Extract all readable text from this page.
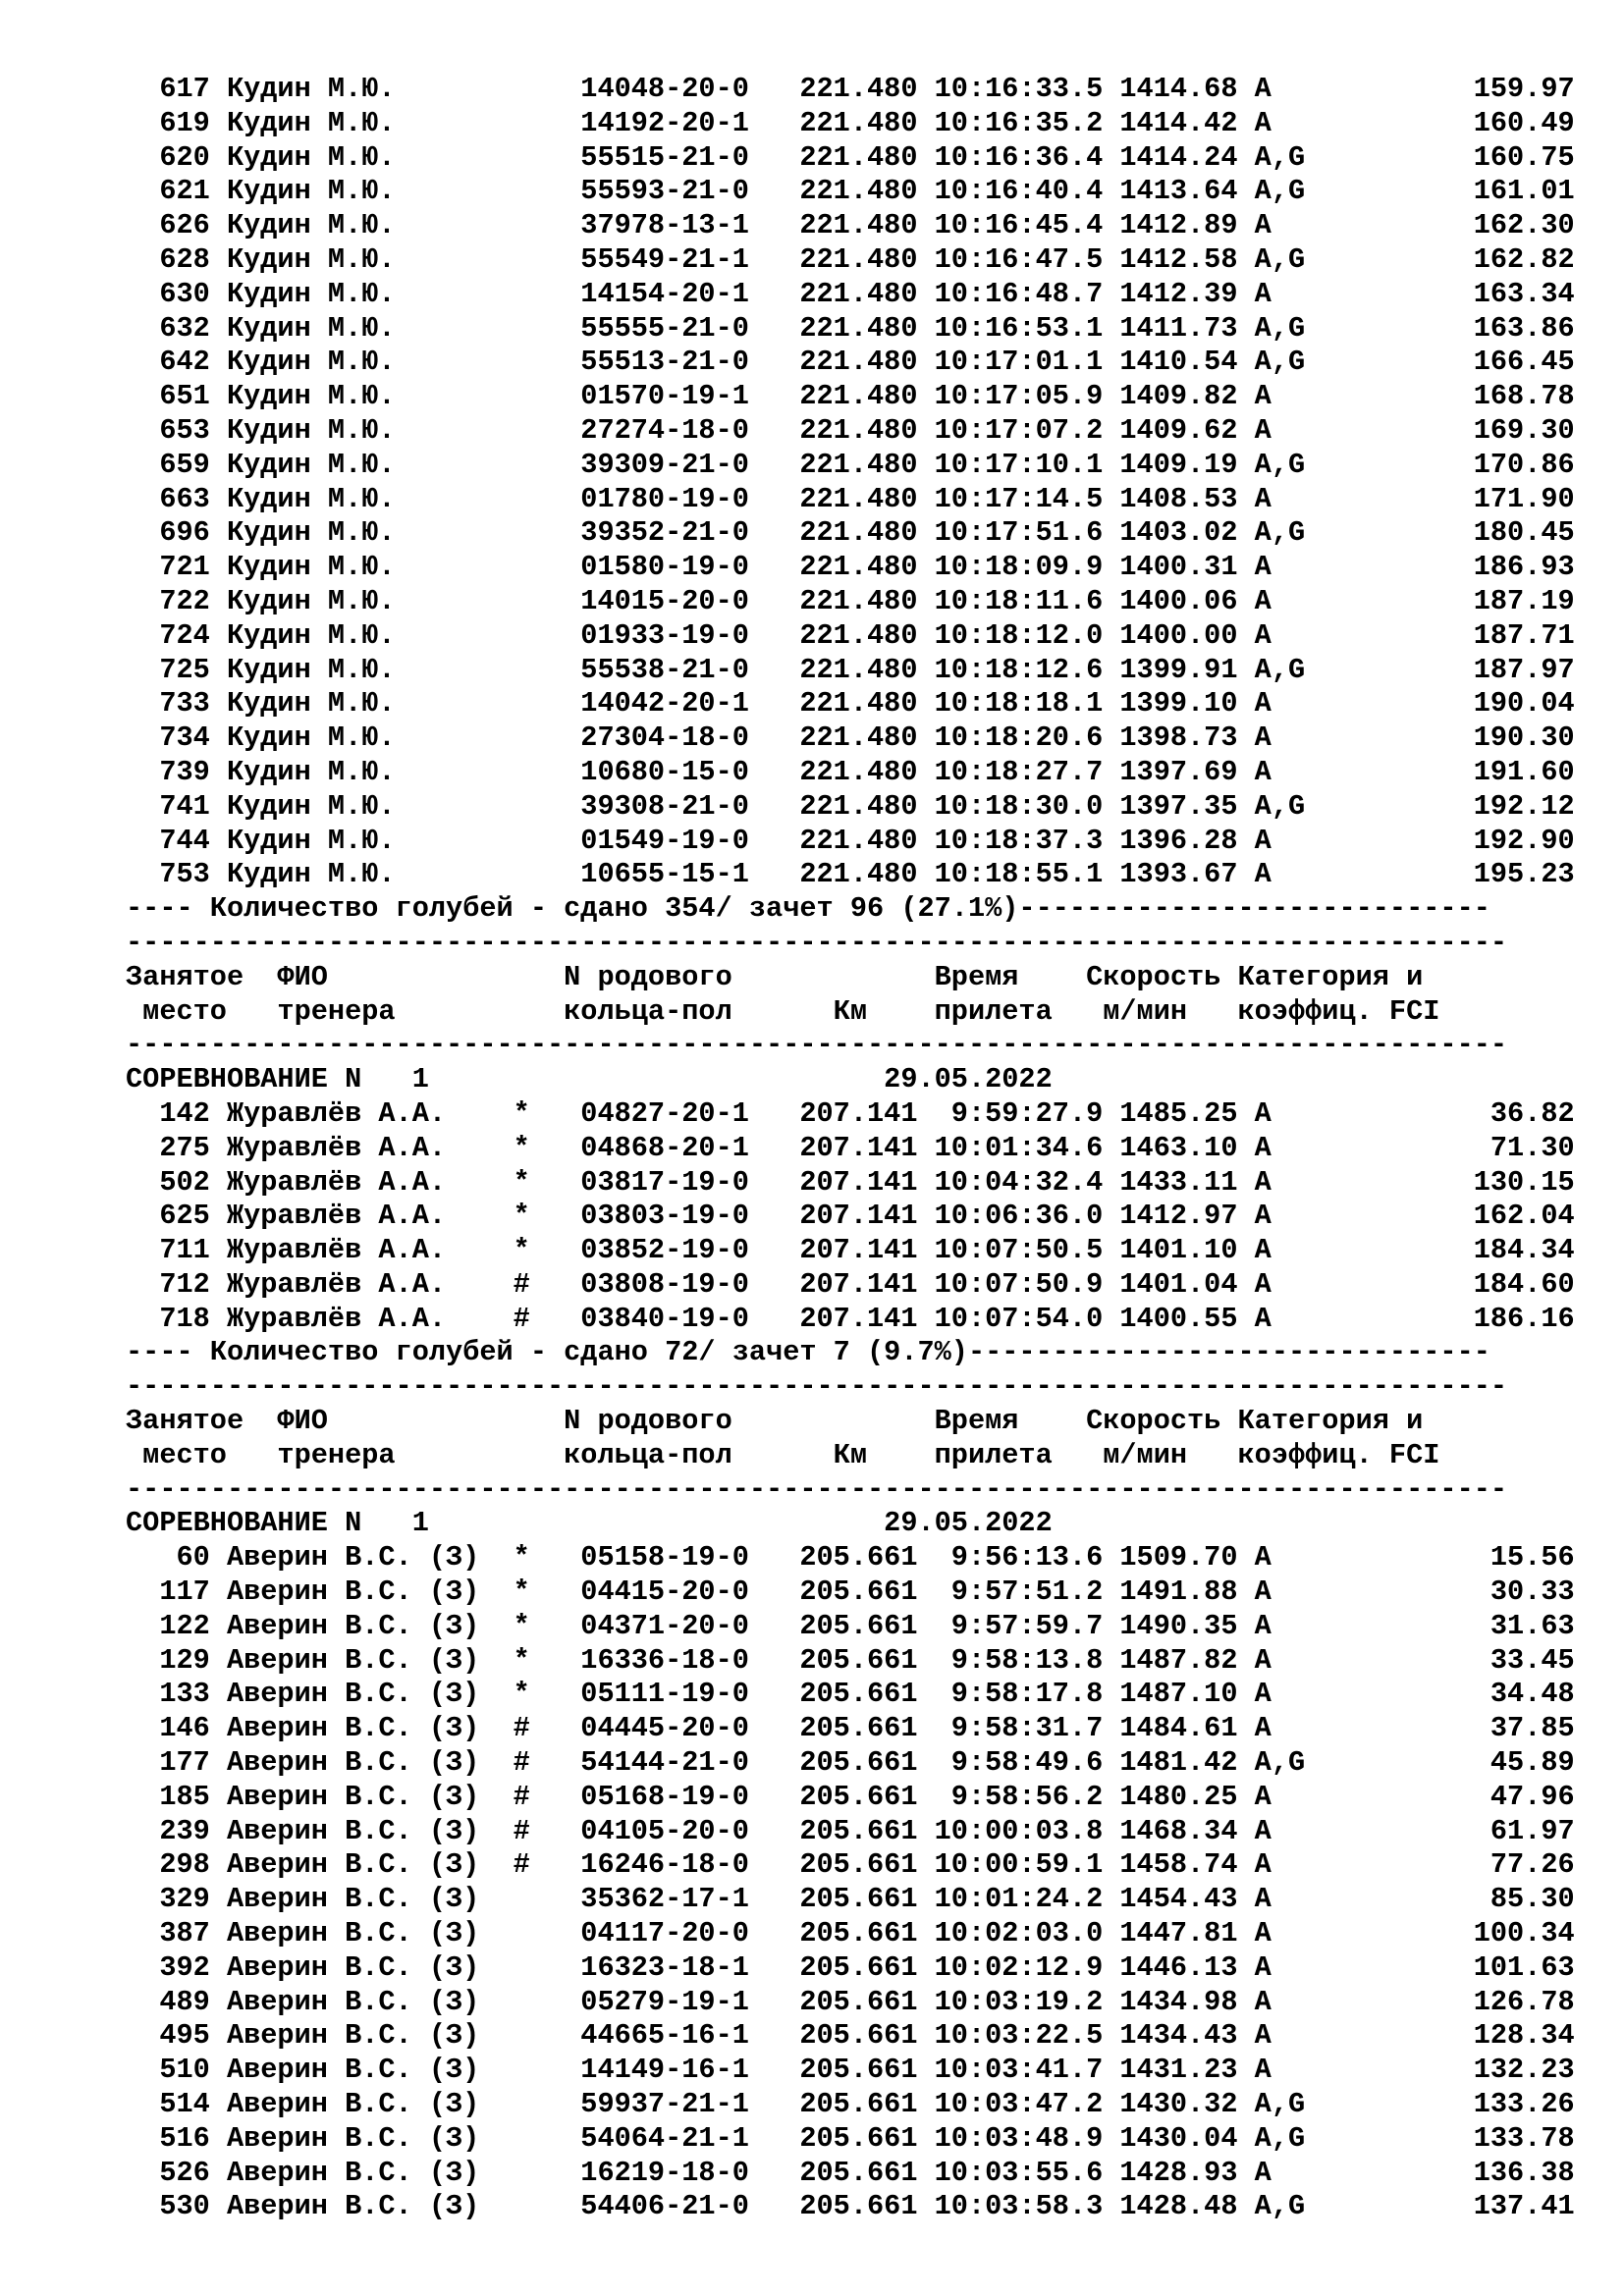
617 Кудин М.Ю.           14048-20-0   221.480 10:16:33.5 1414.68 A            159.97
619 Кудин М.Ю.           14192-20-1   221.480 10:16:35.2 1414.42 A            160.49
620 Кудин М.Ю.           55515-21-0   221.480 10:16:36.4 1414.24 A,G          160.75
621 Кудин М.Ю.           55593-21-0   221.480 10:16:40.4 1413.64 A,G          161.01
626 Кудин М.Ю.           37978-13-1   221.480 10:16:45.4 1412.89 A            162.30
628 Кудин М.Ю.           55549-21-1   221.480 10:16:47.5 1412.58 A,G          162.82
630 Кудин М.Ю.           14154-20-1   221.480 10:16:48.7 1412.39 A            163.34
632 Кудин М.Ю.           55555-21-0   221.480 10:16:53.1 1411.73 A,G          163.86
642 Кудин М.Ю.           55513-21-0   221.480 10:17:01.1 1410.54 A,G          166.45
651 Кудин М.Ю.           01570-19-1   221.480 10:17:05.9 1409.82 A            168.78
653 Кудин М.Ю.           27274-18-0   221.480 10:17:07.2 1409.62 A            169.30
659 Кудин М.Ю.           39309-21-0   221.480 10:17:10.1 1409.19 A,G          170.86
663 Кудин М.Ю.           01780-19-0   221.480 10:17:14.5 1408.53 A            171.90
696 Кудин М.Ю.           39352-21-0   221.480 10:17:51.6 1403.02 A,G          180.45
721 Кудин М.Ю.           01580-19-0   221.480 10:18:09.9 1400.31 A            186.93
722 Кудин М.Ю.           14015-20-0   221.480 10:18:11.6 1400.06 A            187.19
724 Кудин М.Ю.           01933-19-0   221.480 10:18:12.0 1400.00 A            187.71
725 Кудин М.Ю.           55538-21-0   221.480 10:18:12.6 1399.91 A,G          187.97
733 Кудин М.Ю.           14042-20-1   221.480 10:18:18.1 1399.10 A            190.04
734 Кудин М.Ю.           27304-18-0   221.480 10:18:20.6 1398.73 A            190.30
739 Кудин М.Ю.           10680-15-0   221.480 10:18:27.7 1397.69 A            191.60
741 Кудин М.Ю.           39308-21-0   221.480 10:18:30.0 1397.35 A,G          192.12
744 Кудин М.Ю.           01549-19-0   221.480 10:18:37.3 1396.28 A            192.90
753 Кудин М.Ю.           10655-15-1   221.480 10:18:55.1 1393.67 A            195.23
---- Количество голубей - сдано 354/ зачет 96 (27.1%)----------------------------
----------------------------------------------------------------------------------
Занятое  ФИО              N родового            Время    Скорость Категория и
место   тренера          кольца-пол      Км    прилета   м/мин   коэффиц. FCI
----------------------------------------------------------------------------------
СОРЕВНОВАНИЕ N   1                           29.05.2022
142 Журавлёв А.А.    *   04827-20-1   207.141  9:59:27.9 1485.25 A             36.82
275 Журавлёв А.А.    *   04868-20-1   207.141 10:01:34.6 1463.10 A             71.30
502 Журавлёв А.А.    *   03817-19-0   207.141 10:04:32.4 1433.11 A            130.15
625 Журавлёв А.А.    *   03803-19-0   207.141 10:06:36.0 1412.97 A            162.04
711 Журавлёв А.А.    *   03852-19-0   207.141 10:07:50.5 1401.10 A            184.34
712 Журавлёв А.А.    #   03808-19-0   207.141 10:07:50.9 1401.04 A            184.60
718 Журавлёв А.А.    #   03840-19-0   207.141 10:07:54.0 1400.55 A            186.16
---- Количество голубей - сдано 72/ зачет 7 (9.7%)-------------------------------
----------------------------------------------------------------------------------
Занятое  ФИО              N родового            Время    Скорость Категория и
место   тренера          кольца-пол      Км    прилета   м/мин   коэффиц. FCI
----------------------------------------------------------------------------------
СОРЕВНОВАНИЕ N   1                           29.05.2022
60 Аверин В.С. (З)  *   05158-19-0   205.661  9:56:13.6 1509.70 A             15.56
117 Аверин В.С. (З)  *   04415-20-0   205.661  9:57:51.2 1491.88 A             30.33
122 Аверин В.С. (З)  *   04371-20-0   205.661  9:57:59.7 1490.35 A             31.63
129 Аверин В.С. (З)  *   16336-18-0   205.661  9:58:13.8 1487.82 A             33.45
133 Аверин В.С. (З)  *   05111-19-0   205.661  9:58:17.8 1487.10 A             34.48
146 Аверин В.С. (З)  #   04445-20-0   205.661  9:58:31.7 1484.61 A             37.85
177 Аверин В.С. (З)  #   54144-21-0   205.661  9:58:49.6 1481.42 A,G           45.89
185 Аверин В.С. (З)  #   05168-19-0   205.661  9:58:56.2 1480.25 A             47.96
239 Аверин В.С. (З)  #   04105-20-0   205.661 10:00:03.8 1468.34 A             61.97
298 Аверин В.С. (З)  #   16246-18-0   205.661 10:00:59.1 1458.74 A             77.26
329 Аверин В.С. (З)      35362-17-1   205.661 10:01:24.2 1454.43 A             85.30
387 Аверин В.С. (З)      04117-20-0   205.661 10:02:03.0 1447.81 A            100.34
392 Аверин В.С. (З)      16323-18-1   205.661 10:02:12.9 1446.13 A            101.63
489 Аверин В.С. (З)      05279-19-1   205.661 10:03:19.2 1434.98 A            126.78
495 Аверин В.С. (З)      44665-16-1   205.661 10:03:22.5 1434.43 A            128.34
510 Аверин В.С. (З)      14149-16-1   205.661 10:03:41.7 1431.23 A            132.23
514 Аверин В.С. (З)      59937-21-1   205.661 10:03:47.2 1430.32 A,G          133.26
516 Аверин В.С. (З)      54064-21-1   205.661 10:03:48.9 1430.04 A,G          133.78
526 Аверин В.С. (З)      16219-18-0   205.661 10:03:55.6 1428.93 A            136.38
530 Аверин В.С. (З)      54406-21-0   205.661 10:03:58.3 1428.48 A,G          137.41
